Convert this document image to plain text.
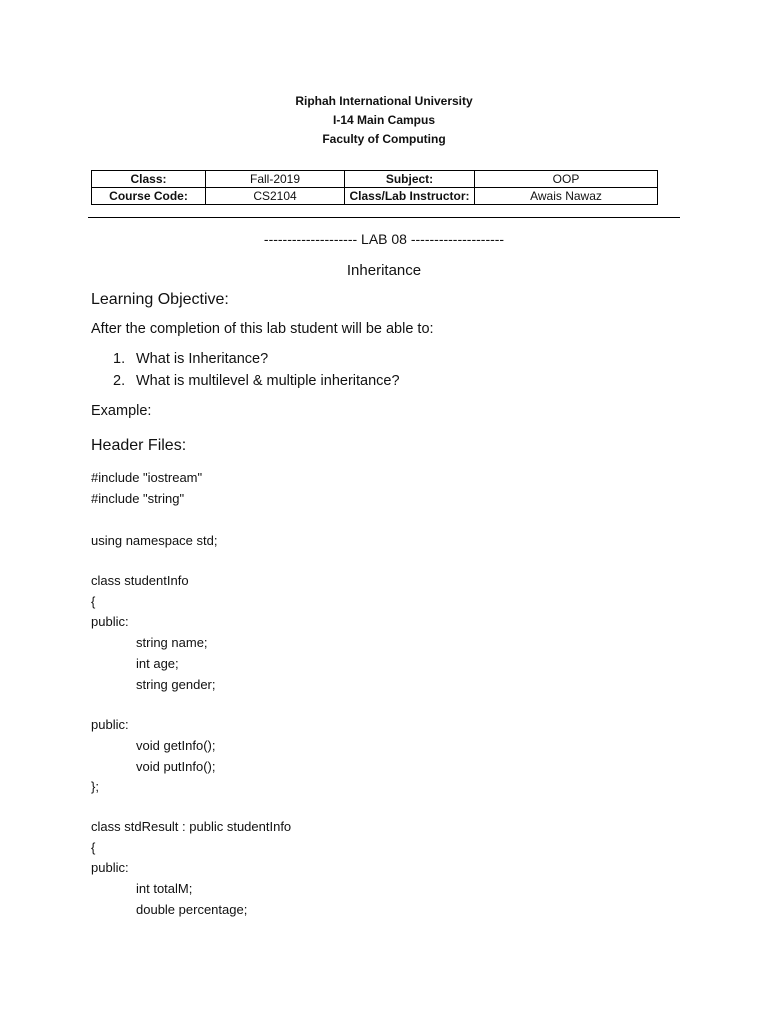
Riphah International University
I-14 Main Campus
Faculty of Computing
Class:	Fall-2019	Subject:	OOP
Course Code:	CS2104	Class/Lab Instructor:	Awais Nawaz
-------------------- LAB 08 --------------------
Inheritance
Learning Objective:
After the completion of this lab student will be able to:
1. What is Inheritance?
2. What is multilevel & multiple inheritance?
Example:
Header Files:
#include "iostream"
#include "string"
using namespace std;
class studentInfo
{
public:
string name;
int age;
string gender;
public:
void getInfo();
void putInfo();
};
class stdResult : public studentInfo
{
public:
int totalM;
double percentage;
